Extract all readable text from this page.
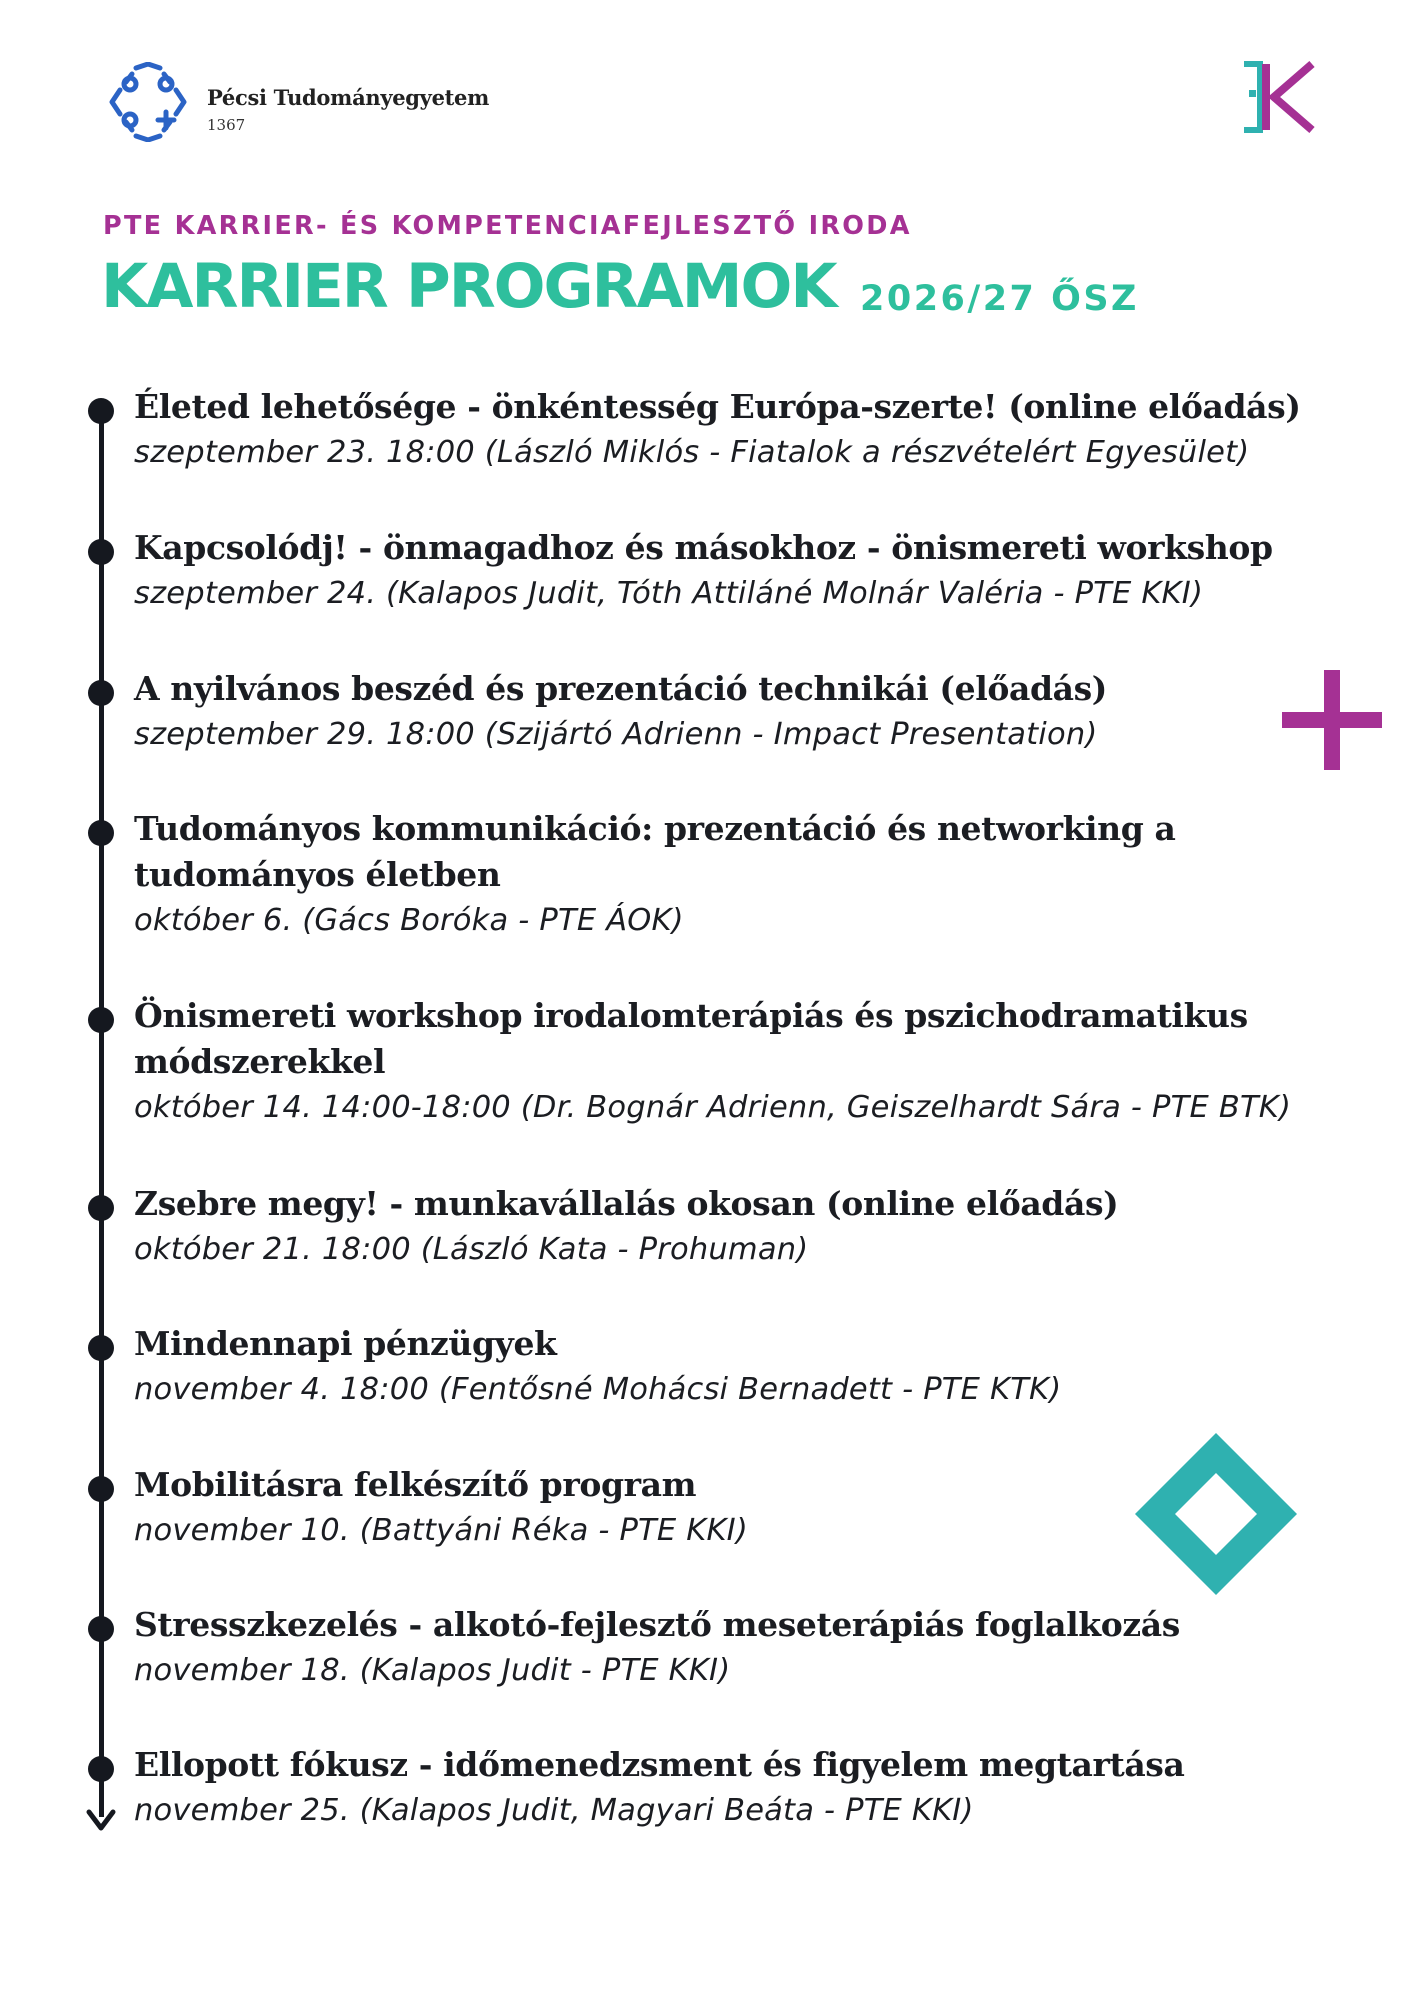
Pécsi Tudományegyetem
1367
PTE KARRIER- ÉS KOMPETENCIAFEJLESZTŐ IRODA
KARRIER PROGRAMOK 2026/27 ŐSZ
Életed lehetősége - önkéntesség Európa-szerte! (online előadás)
szeptember 23. 18:00 (László Miklós - Fiatalok a részvételért Egyesület)
Kapcsolódj! - önmagadhoz és másokhoz - önismereti workshop
szeptember 24. (Kalapos Judit, Tóth Attiláné Molnár Valéria - PTE KKI)
A nyilvános beszéd és prezentáció technikái (előadás)
szeptember 29. 18:00 (Szijártó Adrienn - Impact Presentation)
Tudományos kommunikáció: prezentáció és networking a
tudományos életben
október 6. (Gács Boróka - PTE ÁOK)
Önismereti workshop irodalomterápiás és pszichodramatikus
módszerekkel
október 14. 14:00-18:00 (Dr. Bognár Adrienn, Geiszelhardt Sára - PTE BTK)
Zsebre megy! - munkavállalás okosan (online előadás)
október 21. 18:00 (László Kata - Prohuman)
Mindennapi pénzügyek
november 4. 18:00 (Fentősné Mohácsi Bernadett - PTE KTK)
Mobilitásra felkészítő program
november 10. (Battyáni Réka - PTE KKI)
Stresszkezelés - alkotó-fejlesztő meseterápiás foglalkozás
november 18. (Kalapos Judit - PTE KKI)
Ellopott fókusz - időmenedzsment és figyelem megtartása
november 25. (Kalapos Judit, Magyari Beáta - PTE KKI)
